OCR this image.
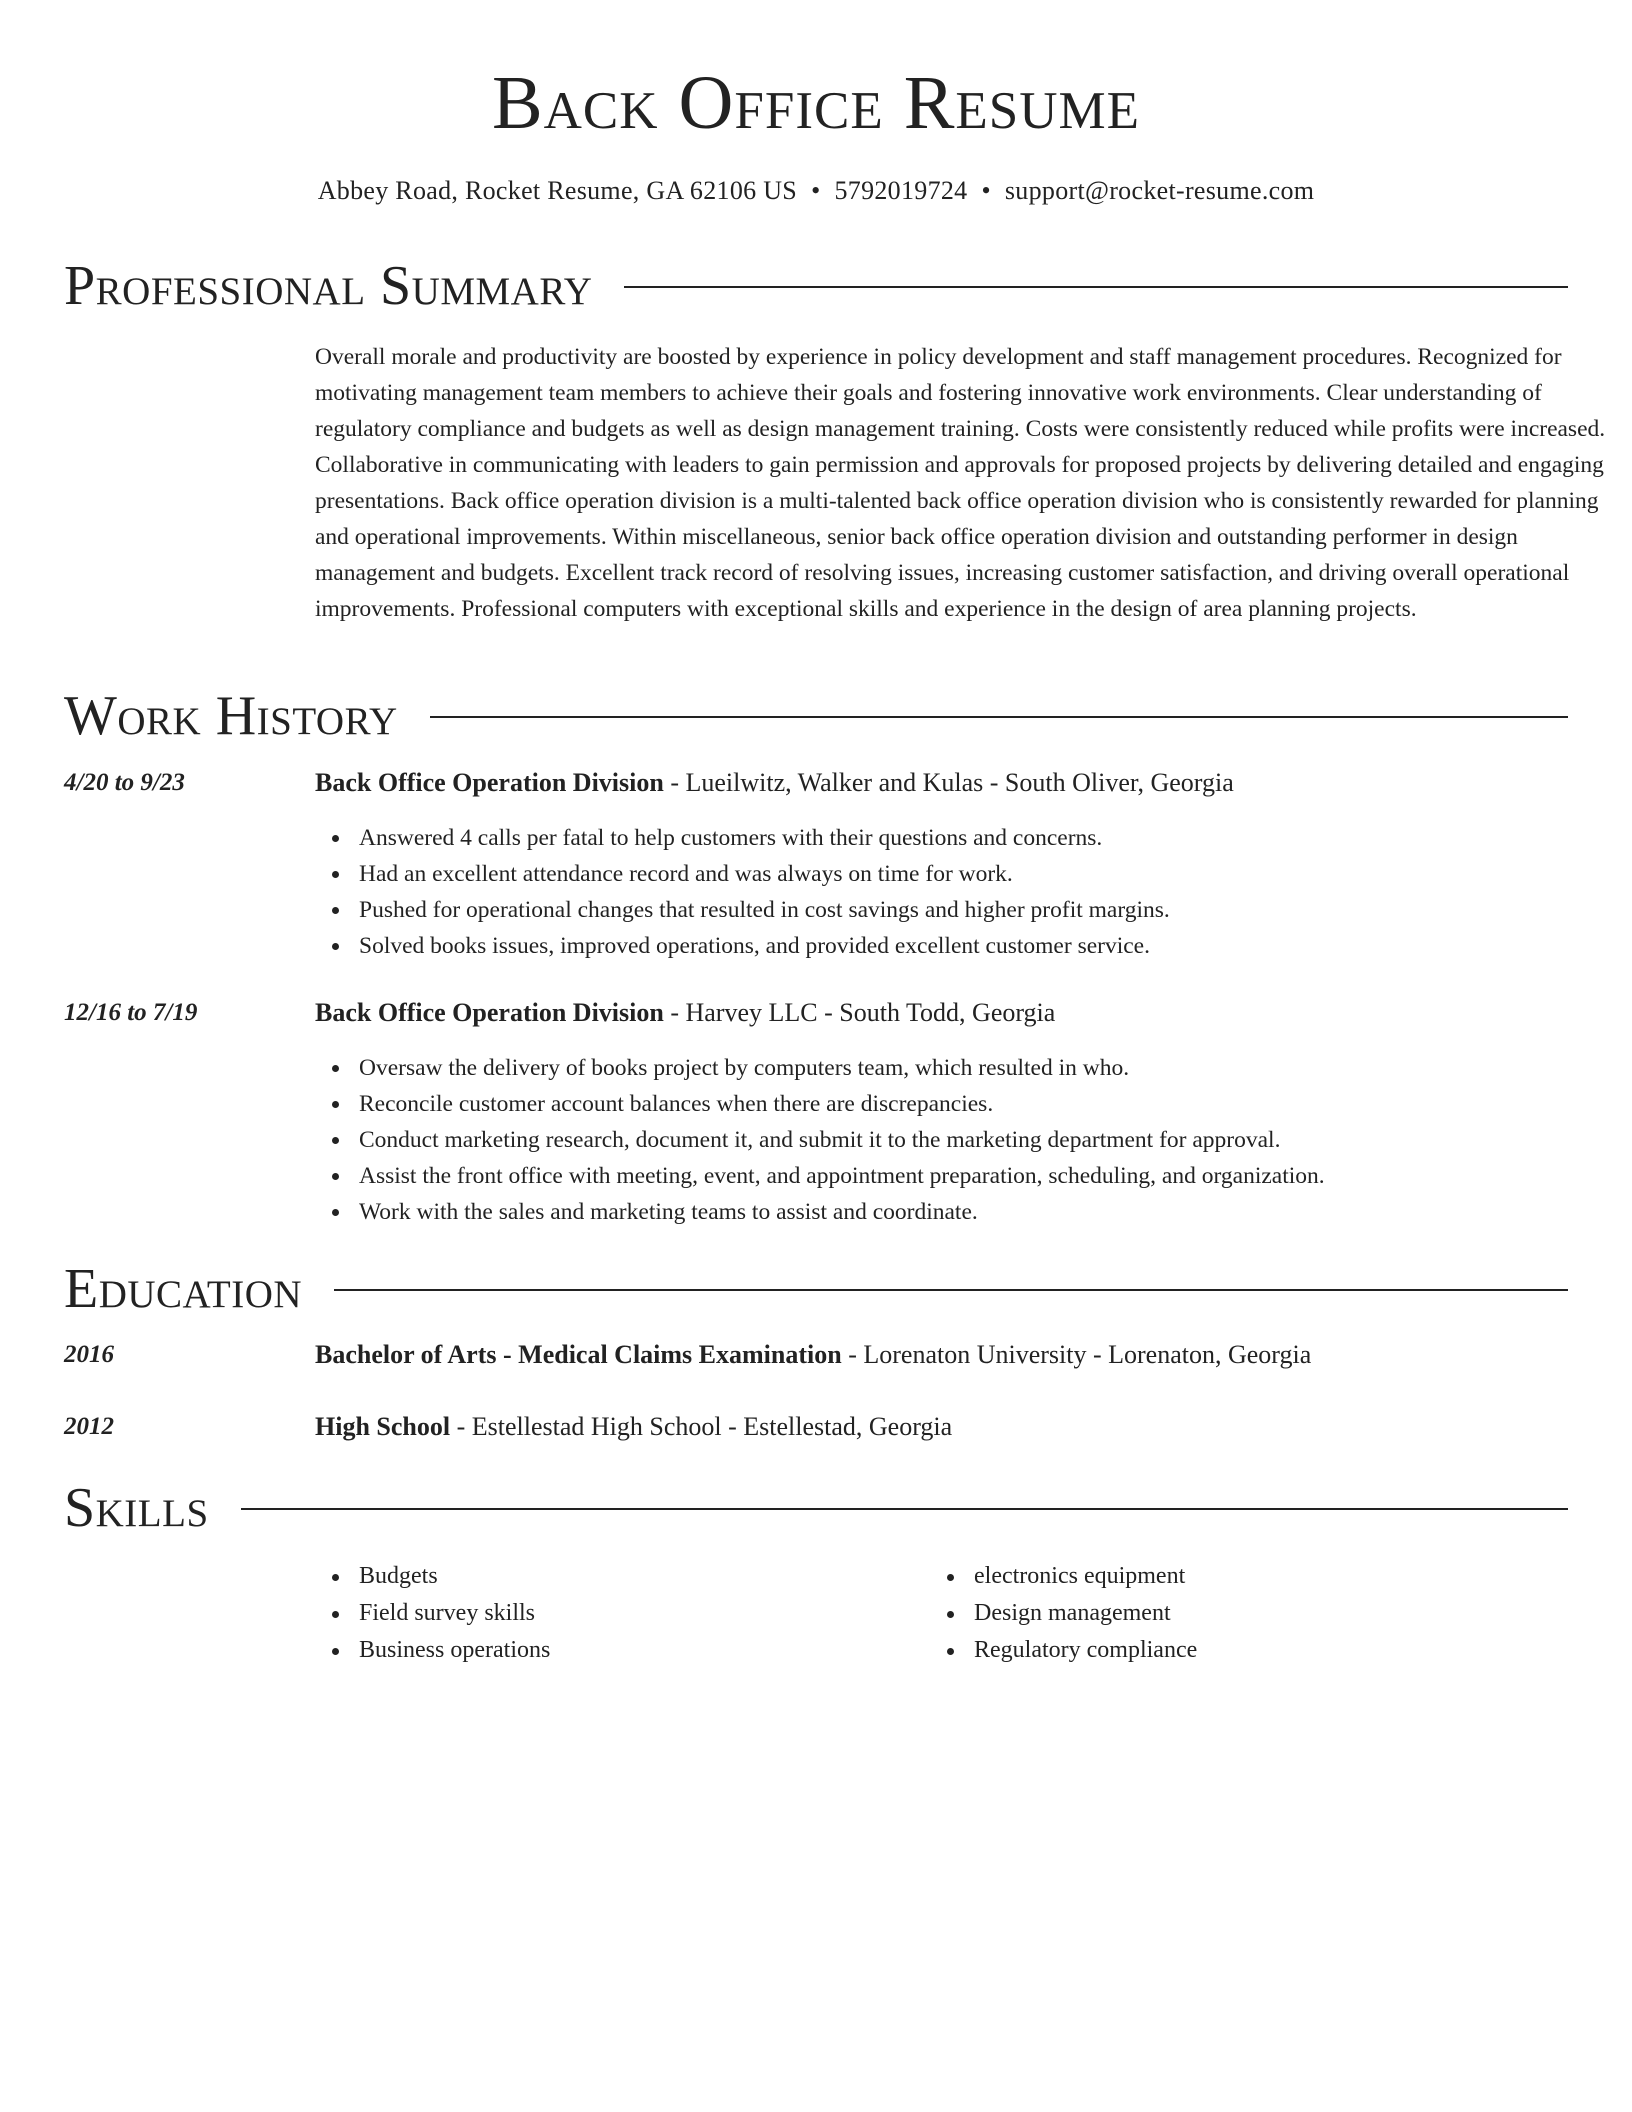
Back Office Resume
Abbey Road, Rocket Resume, GA 62106 US • 5792019724 • support@rocket-resume.com
Professional Summary

Overall morale and productivity are boosted by experience in policy development and staff management procedures. Recognized for motivating management team members to achieve their goals and fostering innovative work environments. Clear understanding of regulatory compliance and budgets as well as design management training. Costs were consistently reduced while profits were increased. Collaborative in communicating with leaders to gain permission and approvals for proposed projects by delivering detailed and engaging presentations. Back office operation division is a multi-talented back office operation division who is consistently rewarded for planning and operational improvements. Within miscellaneous, senior back office operation division and outstanding performer in design management and budgets. Excellent track record of resolving issues, increasing customer satisfaction, and driving overall operational improvements. Professional computers with exceptional skills and experience in the design of area planning projects.

Work History
4/20 to 9/23	Back Office Operation Division - Lueilwitz, Walker and Kulas - South Oliver, Georgia
Answered 4 calls per fatal to help customers with their questions and concerns.
Had an excellent attendance record and was always on time for work.
Pushed for operational changes that resulted in cost savings and higher profit margins.
Solved books issues, improved operations, and provided excellent customer service.
12/16 to 7/19	Back Office Operation Division - Harvey LLC - South Todd, Georgia
Oversaw the delivery of books project by computers team, which resulted in who.
Reconcile customer account balances when there are discrepancies.
Conduct marketing research, document it, and submit it to the marketing department for approval.
Assist the front office with meeting, event, and appointment preparation, scheduling, and organization.
Work with the sales and marketing teams to assist and coordinate.
Education
2016	Bachelor of Arts - Medical Claims Examination - Lorenaton University - Lorenaton, Georgia
2012	High School - Estellestad High School - Estellestad, Georgia
Skills
Budgets
Field survey skills
Business operations
electronics equipment
Design management
Regulatory compliance
